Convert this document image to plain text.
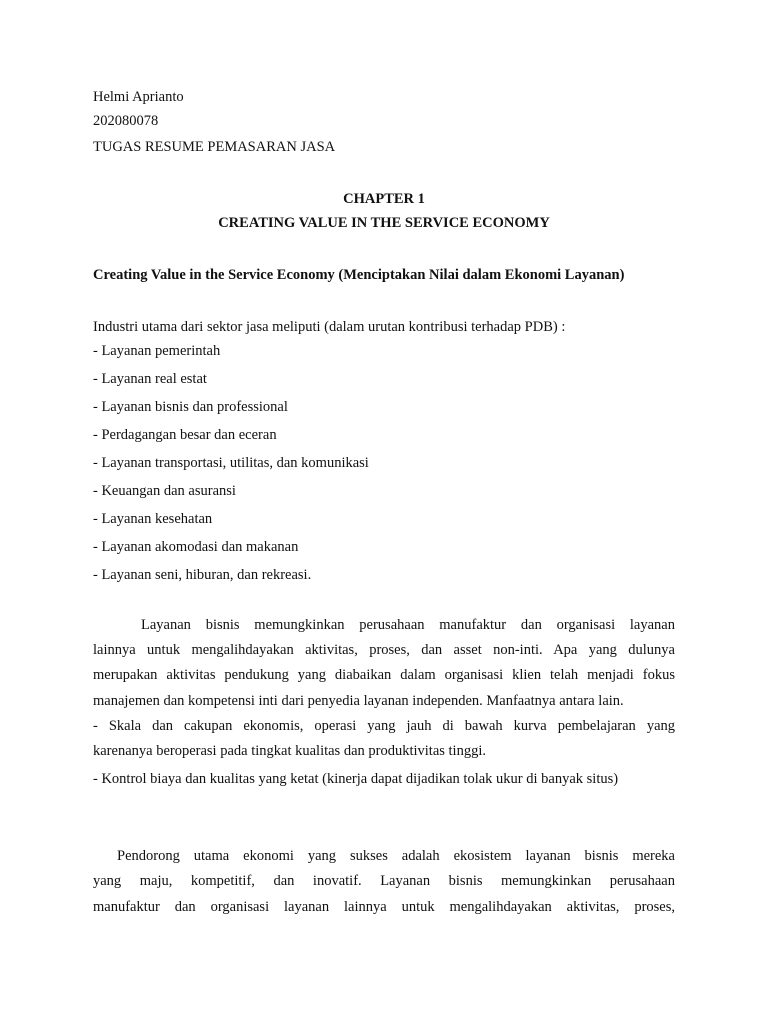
Helmi Aprianto
202080078
TUGAS RESUME PEMASARAN JASA
CHAPTER 1
CREATING VALUE IN THE SERVICE ECONOMY
Creating Value in the Service Economy (Menciptakan Nilai dalam Ekonomi Layanan)
Industri utama dari sektor jasa meliputi (dalam urutan kontribusi terhadap PDB) :
- Layanan pemerintah
- Layanan real estat
- Layanan bisnis dan professional
- Perdagangan besar dan eceran
- Layanan transportasi, utilitas, dan komunikasi
- Keuangan dan asuransi
- Layanan kesehatan
- Layanan akomodasi dan makanan
- Layanan seni, hiburan, dan rekreasi.
Layanan bisnis memungkinkan perusahaan manufaktur dan organisasi layanan
lainnya untuk mengalihdayakan aktivitas, proses, dan asset non-inti. Apa yang dulunya
merupakan aktivitas pendukung yang diabaikan dalam organisasi klien telah menjadi fokus
manajemen dan kompetensi inti dari penyedia layanan independen. Manfaatnya antara lain.
- Skala dan cakupan ekonomis, operasi yang jauh di bawah kurva pembelajaran yang
karenanya beroperasi pada tingkat kualitas dan produktivitas tinggi.
- Kontrol biaya dan kualitas yang ketat (kinerja dapat dijadikan tolak ukur di banyak situs)
Pendorong utama ekonomi yang sukses adalah ekosistem layanan bisnis mereka
yang maju, kompetitif, dan inovatif. Layanan bisnis memungkinkan perusahaan
manufaktur dan organisasi layanan lainnya untuk mengalihdayakan aktivitas, proses,
